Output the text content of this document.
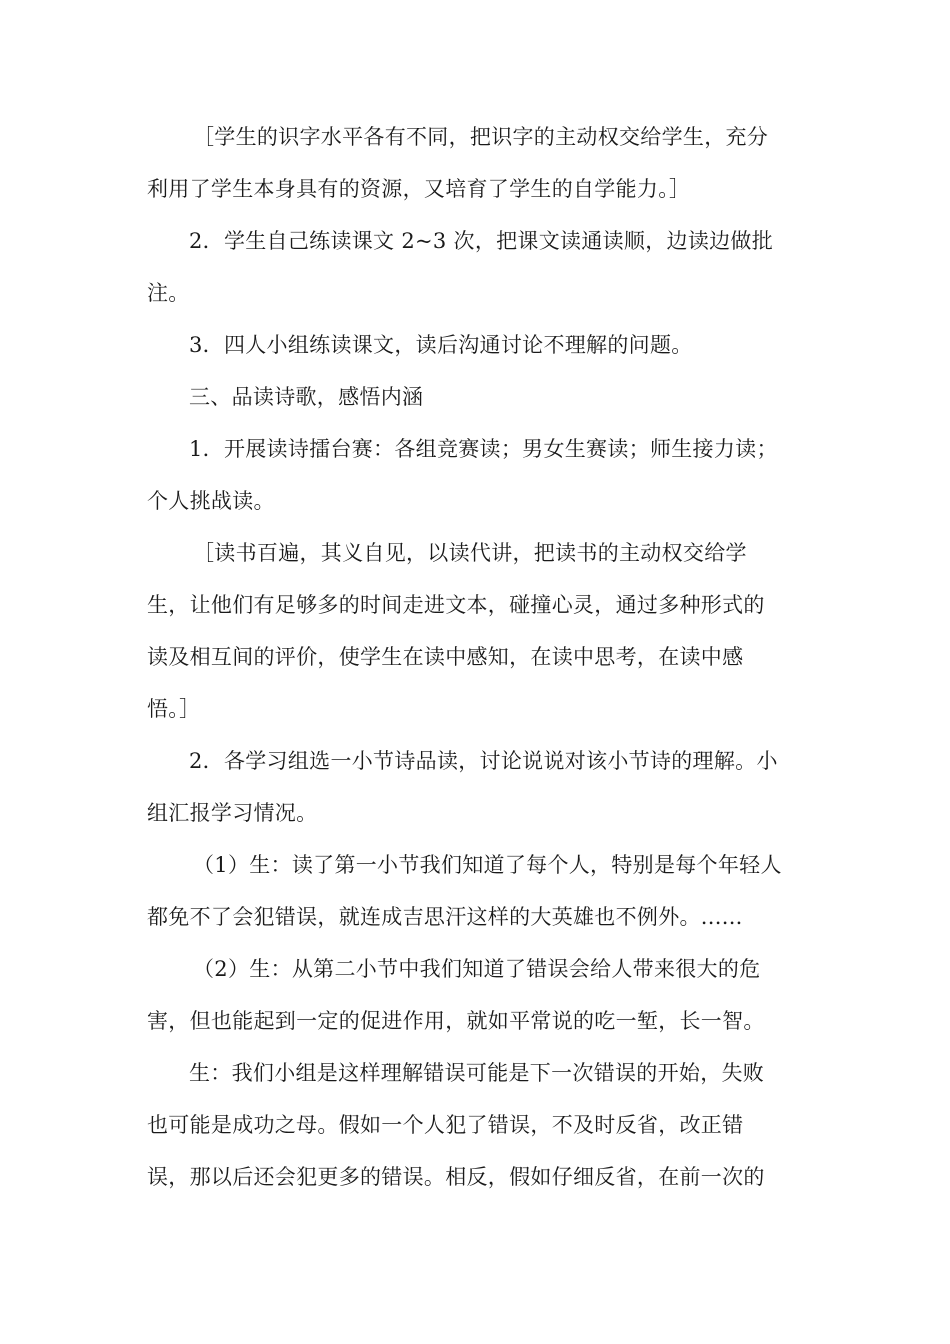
［学生的识字水平各有不同，把识字的主动权交给学生，充分
利用了学生本身具有的资源，又培育了学生的自学能力。］
2．学生自己练读课文 2~3 次，把课文读通读顺，边读边做批
注。
3．四人小组练读课文，读后沟通讨论不理解的问题。
三、品读诗歌，感悟内涵
1．开展读诗擂台赛：各组竞赛读；男女生赛读；师生接力读；
个人挑战读。
［读书百遍，其义自见，以读代讲，把读书的主动权交给学
生，让他们有足够多的时间走进文本，碰撞心灵，通过多种形式的
读及相互间的评价，使学生在读中感知，在读中思考，在读中感
悟。］
2．各学习组选一小节诗品读，讨论说说对该小节诗的理解。小
组汇报学习情况。
（1）生：读了第一小节我们知道了每个人，特别是每个年轻人
都免不了会犯错误，就连成吉思汗这样的大英雄也不例外。......
（2）生：从第二小节中我们知道了错误会给人带来很大的危
害，但也能起到一定的促进作用，就如平常说的吃一堑，长一智。
生：我们小组是这样理解错误可能是下一次错误的开始，失败
也可能是成功之母。假如一个人犯了错误，不及时反省，改正错
误，那以后还会犯更多的错误。相反，假如仔细反省，在前一次的
